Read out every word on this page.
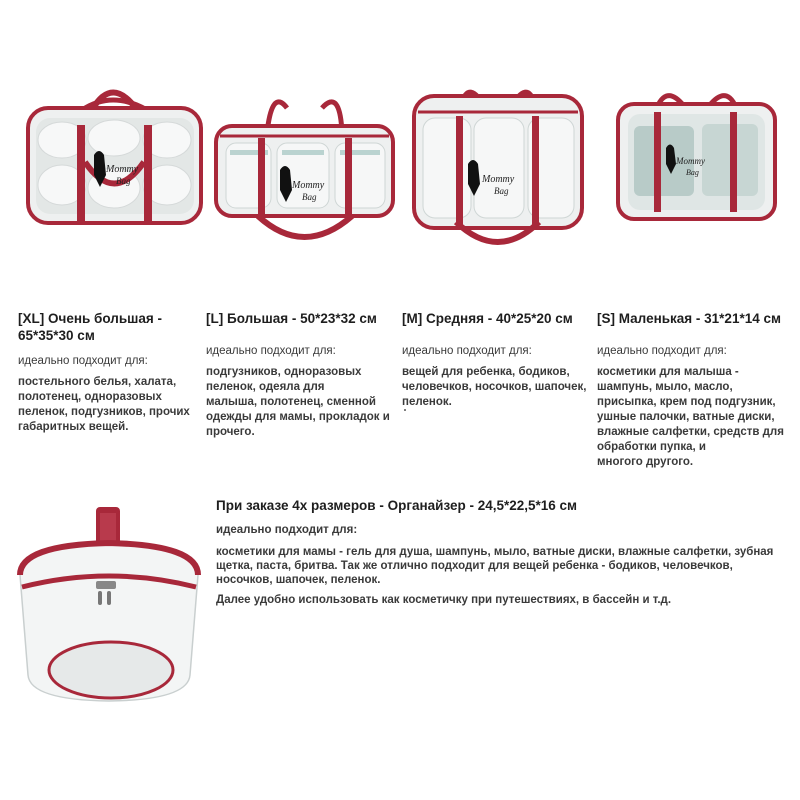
Mommy
Bag	Mommy
Bag
Mommy
Bag
Mommy
Bag
[XL] Очень большая -
65*35*30 см
идеально подходит для:
постельного белья, халата,
полотенец, одноразовых
пеленок, подгузников, прочих
габаритных вещей.
[L] Большая - 50*23*32 см
идеально подходит для:
подгузников, одноразовых
пеленок, одеяла для
малыша, полотенец, сменной
одежды для мамы, прокладок и
прочего.
[M] Средняя - 40*25*20 см
идеально подходит для:
вещей для ребенка, бодиков,
человечков, носочков, шапочек,
пеленок.
[S] Маленькая - 31*21*14 см
идеально подходит для:
косметики для малыша -
шампунь, мыло, масло,
присыпка, крем под подгузник,
ушные палочки, ватные диски,
влажные салфетки, средств для
обработки пупка, и
многого другого.
При заказе 4х размеров - Органайзер - 24,5*22,5*16 см
идеально подходит для:
косметики для мамы - гель для душа, шампунь, мыло, ватные диски, влажные салфетки, зубная щетка, паста, бритва. Так же отлично подходит для вещей ребенка - бодиков, человечков, носочков, шапочек, пеленок.
Далее удобно использовать как косметичку при путешествиях, в бассейн и т.д.
